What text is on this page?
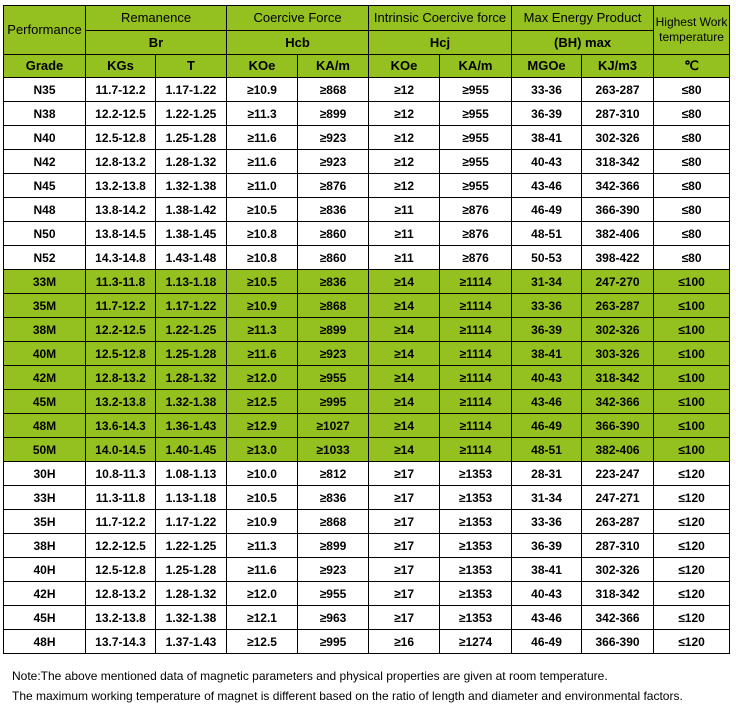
Performance	Remanence		Coercive Force		Intrinsic Coercive force		Max Energy Product		Highest Work temperature
	Br		Hcb		Hcj		(BH) max		
Grade	KGs	T	KOe	KA/m	KOe	KA/m	MGOe	KJ/m3	℃
N35	11.7-12.2	1.17-1.22	≥10.9	≥868	≥12	≥955	33-36	263-287	≤80
N38	12.2-12.5	1.22-1.25	≥11.3	≥899	≥12	≥955	36-39	287-310	≤80
N40	12.5-12.8	1.25-1.28	≥11.6	≥923	≥12	≥955	38-41	302-326	≤80
N42	12.8-13.2	1.28-1.32	≥11.6	≥923	≥12	≥955	40-43	318-342	≤80
N45	13.2-13.8	1.32-1.38	≥11.0	≥876	≥12	≥955	43-46	342-366	≤80
N48	13.8-14.2	1.38-1.42	≥10.5	≥836	≥11	≥876	46-49	366-390	≤80
N50	13.8-14.5	1.38-1.45	≥10.8	≥860	≥11	≥876	48-51	382-406	≤80
N52	14.3-14.8	1.43-1.48	≥10.8	≥860	≥11	≥876	50-53	398-422	≤80
33M	11.3-11.8	1.13-1.18	≥10.5	≥836	≥14	≥1114	31-34	247-270	≤100
35M	11.7-12.2	1.17-1.22	≥10.9	≥868	≥14	≥1114	33-36	263-287	≤100
38M	12.2-12.5	1.22-1.25	≥11.3	≥899	≥14	≥1114	36-39	302-326	≤100
40M	12.5-12.8	1.25-1.28	≥11.6	≥923	≥14	≥1114	38-41	303-326	≤100
42M	12.8-13.2	1.28-1.32	≥12.0	≥955	≥14	≥1114	40-43	318-342	≤100
45M	13.2-13.8	1.32-1.38	≥12.5	≥995	≥14	≥1114	43-46	342-366	≤100
48M	13.6-14.3	1.36-1.43	≥12.9	≥1027	≥14	≥1114	46-49	366-390	≤100
50M	14.0-14.5	1.40-1.45	≥13.0	≥1033	≥14	≥1114	48-51	382-406	≤100
30H	10.8-11.3	1.08-1.13	≥10.0	≥812	≥17	≥1353	28-31	223-247	≤120
33H	11.3-11.8	1.13-1.18	≥10.5	≥836	≥17	≥1353	31-34	247-271	≤120
35H	11.7-12.2	1.17-1.22	≥10.9	≥868	≥17	≥1353	33-36	263-287	≤120
38H	12.2-12.5	1.22-1.25	≥11.3	≥899	≥17	≥1353	36-39	287-310	≤120
40H	12.5-12.8	1.25-1.28	≥11.6	≥923	≥17	≥1353	38-41	302-326	≤120
42H	12.8-13.2	1.28-1.32	≥12.0	≥955	≥17	≥1353	40-43	318-342	≤120
45H	13.2-13.8	1.32-1.38	≥12.1	≥963	≥17	≥1353	43-46	342-366	≤120
48H	13.7-14.3	1.37-1.43	≥12.5	≥995	≥16	≥1274	46-49	366-390	≤120
Note:The above mentioned data of magnetic parameters and physical properties are given at room temperature.
The maximum working temperature of magnet is different based on the ratio of length and diameter and environmental factors.
